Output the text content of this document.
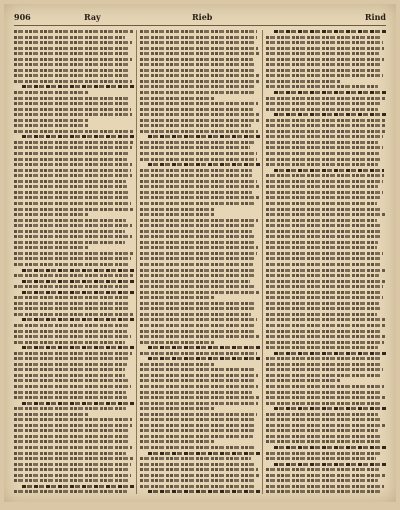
906	Ray	Rieb	Rind
